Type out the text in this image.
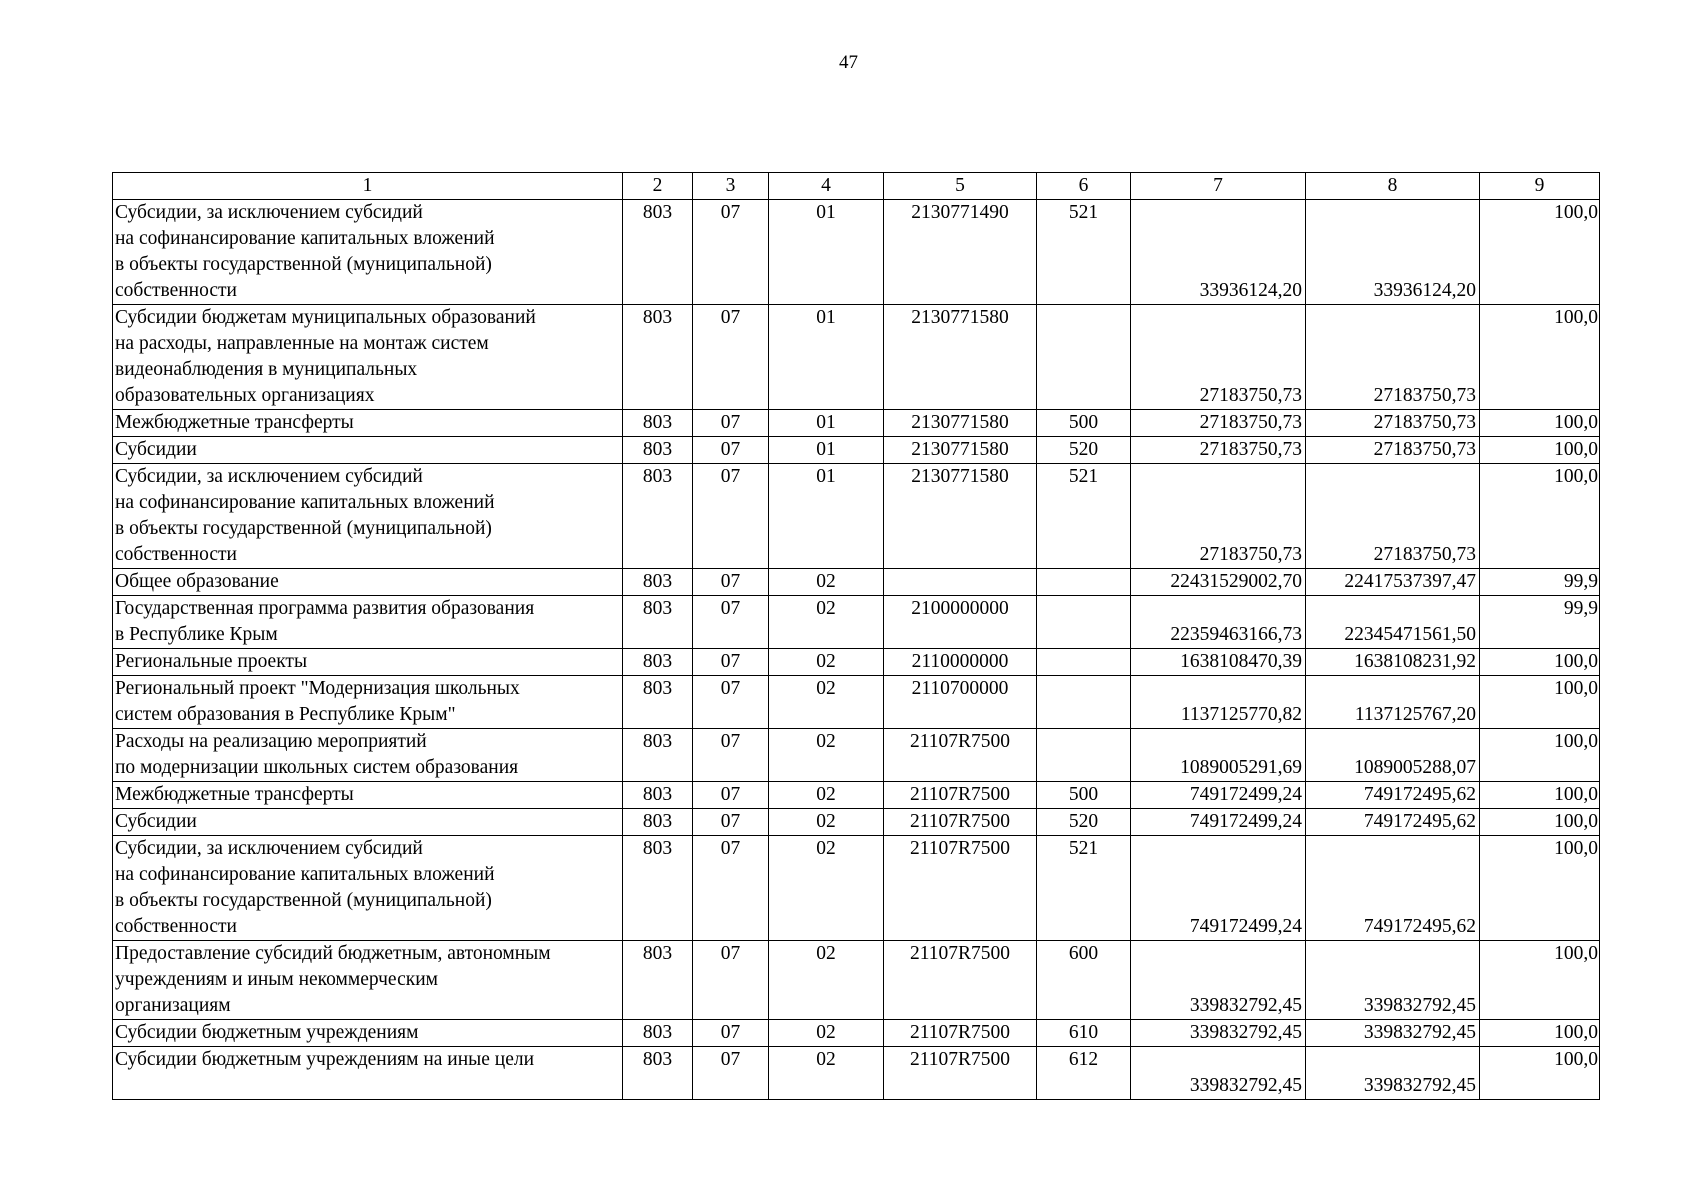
47
1	2	3	4	5	6	7	8	9
Субсидии, за исключением субсидий
на софинансирование капитальных вложений
в объекты государственной (муниципальной)
собственности	803	07	01	2130771490	521	33936124,20	33936124,20	100,0
Субсидии бюджетам муниципальных образований
на расходы, направленные на монтаж систем
видеонаблюдения в муниципальных
образовательных организациях	803	07	01	2130771580		27183750,73	27183750,73	100,0
Межбюджетные трансферты	803	07	01	2130771580	500	27183750,73	27183750,73	100,0
Субсидии	803	07	01	2130771580	520	27183750,73	27183750,73	100,0
Субсидии, за исключением субсидий
на софинансирование капитальных вложений
в объекты государственной (муниципальной)
собственности	803	07	01	2130771580	521	27183750,73	27183750,73	100,0
Общее образование	803	07	02			22431529002,70	22417537397,47	99,9
Государственная программа развития образования
в Республике Крым	803	07	02	2100000000		22359463166,73	22345471561,50	99,9
Региональные проекты	803	07	02	2110000000		1638108470,39	1638108231,92	100,0
Региональный проект "Модернизация школьных
систем образования в Республике Крым"	803	07	02	2110700000		1137125770,82	1137125767,20	100,0
Расходы на реализацию мероприятий
по модернизации школьных систем образования	803	07	02	21107R7500		1089005291,69	1089005288,07	100,0
Межбюджетные трансферты	803	07	02	21107R7500	500	749172499,24	749172495,62	100,0
Субсидии	803	07	02	21107R7500	520	749172499,24	749172495,62	100,0
Субсидии, за исключением субсидий
на софинансирование капитальных вложений
в объекты государственной (муниципальной)
собственности	803	07	02	21107R7500	521	749172499,24	749172495,62	100,0
Предоставление субсидий бюджетным, автономным
учреждениям и иным некоммерческим
организациям	803	07	02	21107R7500	600	339832792,45	339832792,45	100,0
Субсидии бюджетным учреждениям	803	07	02	21107R7500	610	339832792,45	339832792,45	100,0
Субсидии бюджетным учреждениям на иные цели	803	07	02	21107R7500	612	339832792,45	339832792,45	100,0
